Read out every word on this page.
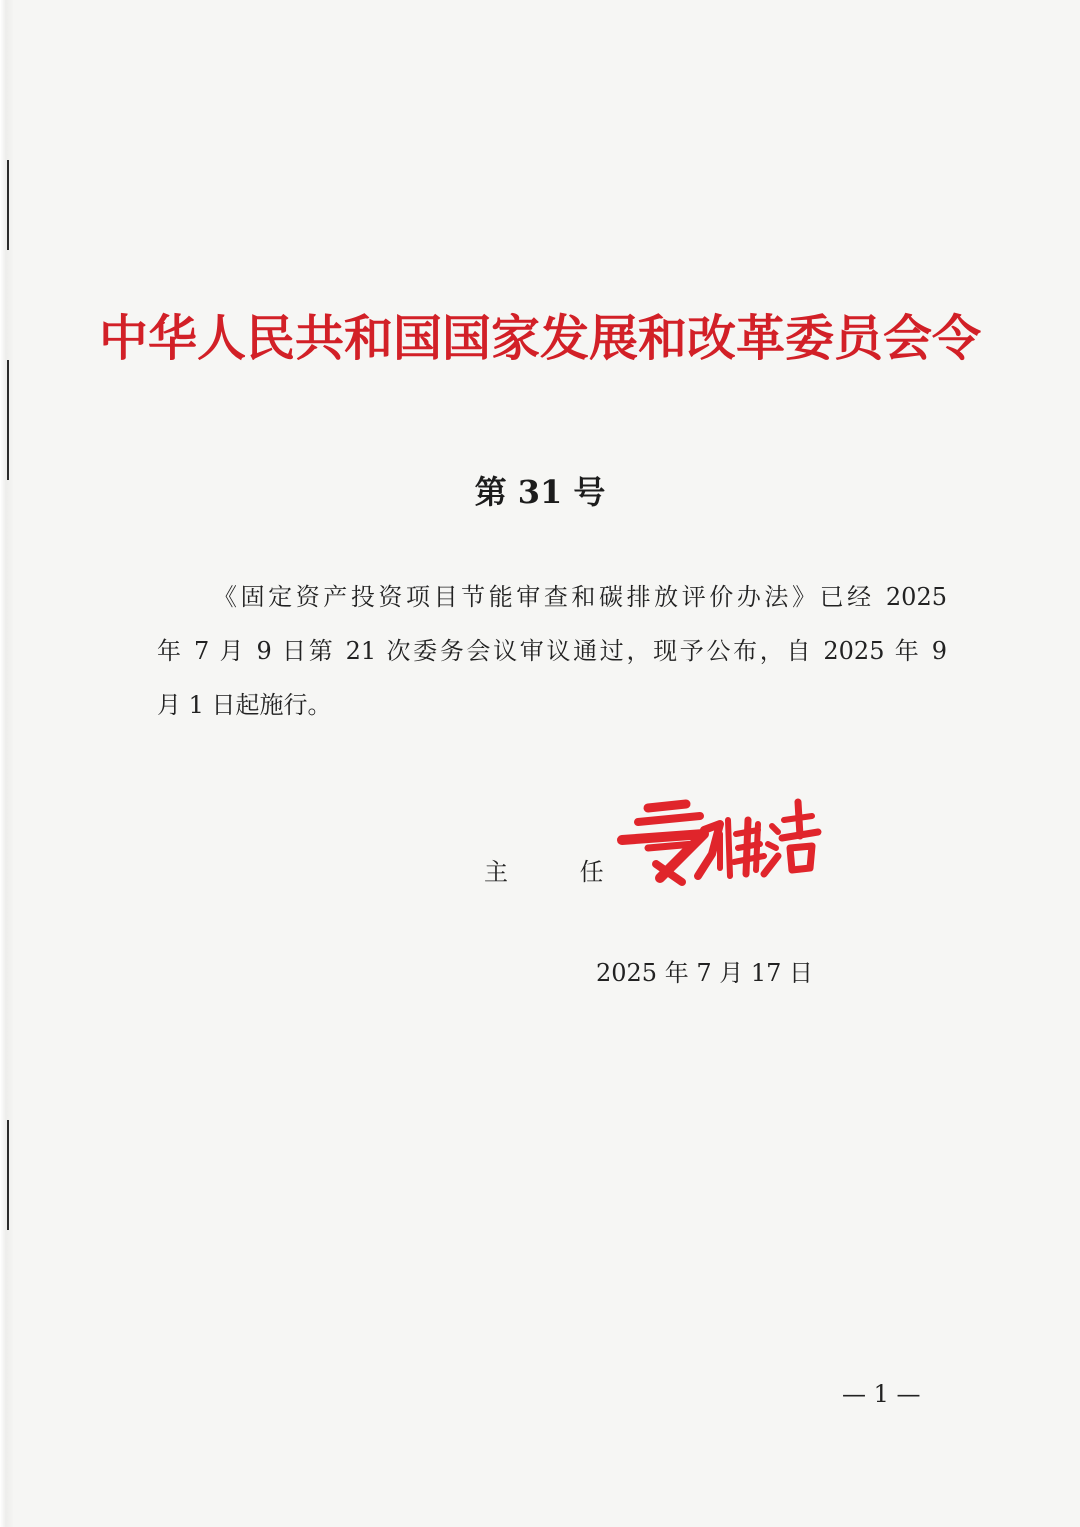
中华人民共和国国家发展和改革委员会令
第 31 号
《固定资产投资项目节能审查和碳排放评价办法》已经 2025
年 7 月 9 日第 21 次委务会议审议通过，现予公布，自 2025 年 9
月 1 日起施行。
主 任
2025 年 7 月 17 日
— 1 —
